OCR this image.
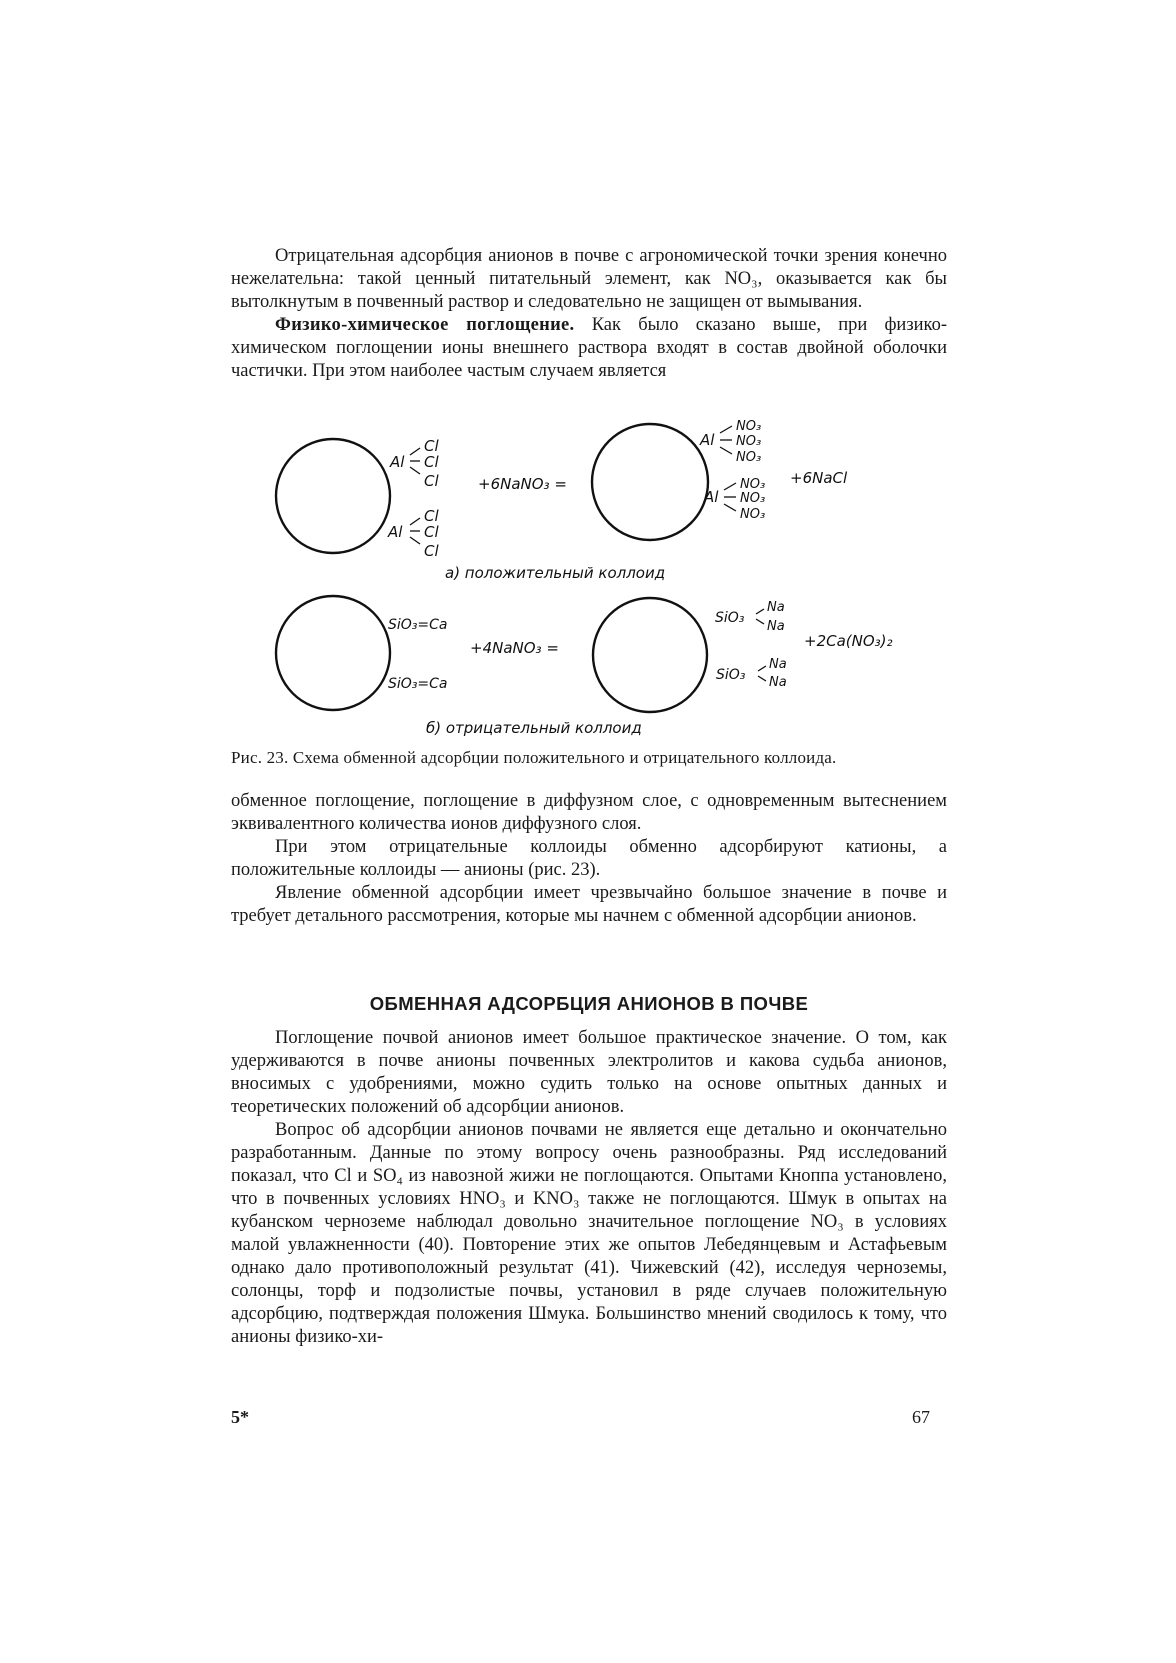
Отрицательная адсорбция анионов в почве с агрономической точки зрения конечно нежелательна: такой ценный питательный элемент, как NO₃, оказывается как бы вытолкнутым в почвенный раствор и следовательно не защищен от вымывания.

Физико-химическое поглощение. Как было сказано выше, при физико-химическом поглощении ионы внешнего раствора входят в состав двойной оболочки частички. При этом наиболее частым случаем является

Al
Cl
Cl
Cl
Al
Cl
Cl
Cl
+6NaNO₃ =
Al
NO₃
NO₃
NO₃
Al
NO₃
NO₃
NO₃
+6NaCl
а) положительный коллоид
SiO₃=Ca
SiO₃=Ca
+4NaNO₃ =
SiO₃
Na
Na
SiO₃
Na
Na
+2Ca(NO₃)₂
б) отрицательный коллоид
Рис. 23. Схема обменной адсорбции положительного и отрицательного коллоида.

обменное поглощение, поглощение в диффузном слое, с одновременным вытеснением эквивалентного количества ионов диффузного слоя.

При этом отрицательные коллоиды обменно адсорбируют катионы, а положительные коллоиды — анионы (рис. 23).

Явление обменной адсорбции имеет чрезвычайно большое значение в почве и требует детального рассмотрения, которые мы начнем с обменной адсорбции анионов.

ОБМЕННАЯ АДСОРБЦИЯ АНИОНОВ В ПОЧВЕ

Поглощение почвой анионов имеет большое практическое значение. О том, как удерживаются в почве анионы почвенных электролитов и какова судьба анионов, вносимых с удобрениями, можно судить только на основе опытных данных и теоретических положений об адсорбции анионов.

Вопрос об адсорбции анионов почвами не является еще детально и окончательно разработанным. Данные по этому вопросу очень разнообразны. Ряд исследований показал, что Cl и SO₄ из навозной жижи не поглощаются. Опытами Кноппа установлено, что в почвенных условиях HNO₃ и KNO₃ также не поглощаются. Шмук в опытах на кубанском черноземе наблюдал довольно значительное поглощение NO₃ в условиях малой увлажненности (40). Повторение этих же опытов Лебедянцевым и Астафьевым однако дало противоположный результат (41). Чижевский (42), исследуя черноземы, солонцы, торф и подзолистые почвы, установил в ряде случаев положительную адсорбцию, подтверждая положения Шмука. Большинство мнений сводилось к тому, что анионы физико-хи-

5*	67
